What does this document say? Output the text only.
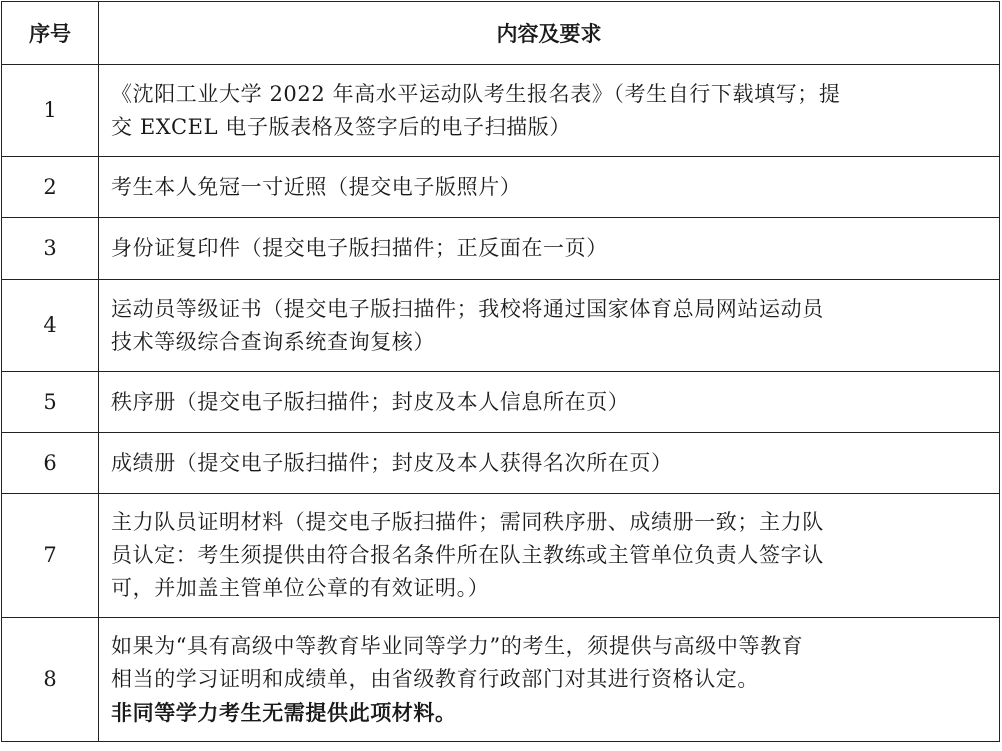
序号	内容及要求
1	《沈阳工业大学 2022 年高水平运动队考生报名表》（考生自行下载填写；提
交 EXCEL 电子版表格及签字后的电子扫描版）

2	考生本人免冠一寸近照（提交电子版照片）

3	身份证复印件（提交电子版扫描件；正反面在一页）

4	运动员等级证书（提交电子版扫描件；我校将通过国家体育总局网站运动员
技术等级综合查询系统查询复核）

5	秩序册（提交电子版扫描件；封皮及本人信息所在页）

6	成绩册（提交电子版扫描件；封皮及本人获得名次所在页）

7	主力队员证明材料（提交电子版扫描件；需同秩序册、成绩册一致；主力队
员认定：考生须提供由符合报名条件所在队主教练或主管单位负责人签字认
可，并加盖主管单位公章的有效证明。）

8	如果为“具有高级中等教育毕业同等学力”的考生，须提供与高级中等教育
相当的学习证明和成绩单，由省级教育行政部门对其进行资格认定。
非同等学力考生无需提供此项材料。
